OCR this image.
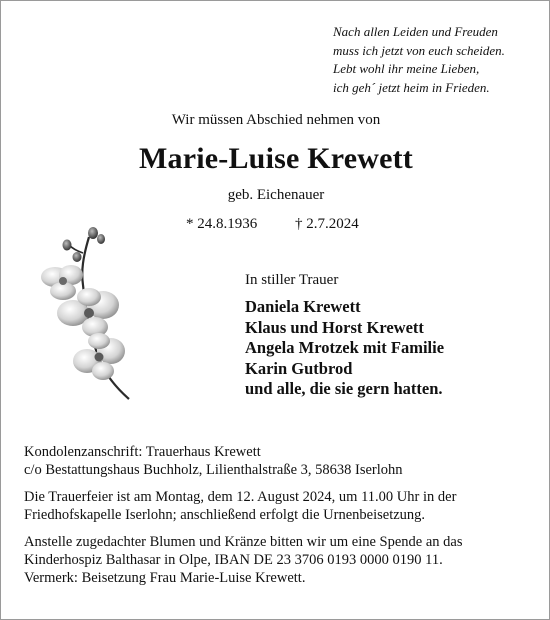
Nach allen Leiden und Freuden
muss ich jetzt von euch scheiden.
Lebt wohl ihr meine Lieben,
ich geh´ jetzt heim in Frieden.
Wir müssen Abschied nehmen von
Marie-Luise Krewett
geb. Eichenauer
* 24.8.1936	† 2.7.2024
In stiller Trauer
Daniela Krewett
Klaus und Horst Krewett
Angela Mrotzek mit Familie
Karin Gutbrod
und alle, die sie gern hatten.
Kondolenzanschrift: Trauerhaus Krewett
c/o Bestattungshaus Buchholz, Lilienthalstraße 3, 58638 Iserlohn
Die Trauerfeier ist am Montag, dem 12. August 2024, um 11.00 Uhr in der
Friedhofskapelle Iserlohn; anschließend erfolgt die Urnenbeisetzung.
Anstelle zugedachter Blumen und Kränze bitten wir um eine Spende an das
Kinderhospiz Balthasar in Olpe, IBAN DE 23 3706 0193 0000 0190 11.
Vermerk: Beisetzung Frau Marie-Luise Krewett.
